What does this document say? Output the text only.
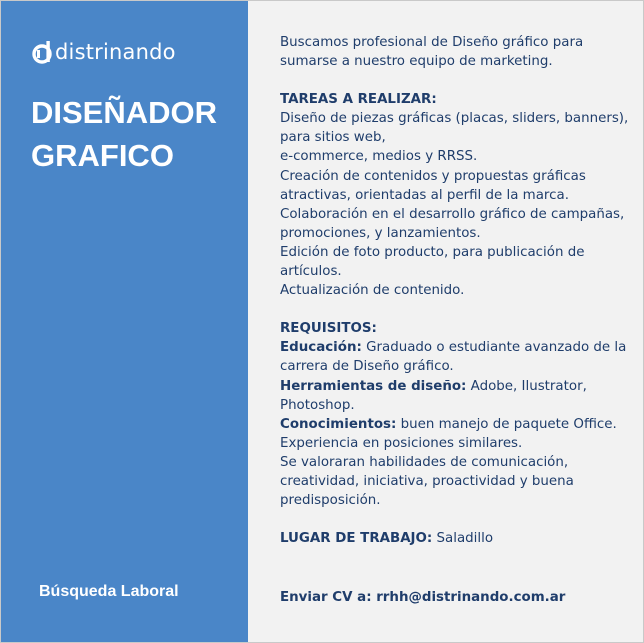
distrinando
DISEÑADOR
GRAFICO
Búsqueda Laboral
Buscamos profesional de Diseño gráfico para
sumarse a nuestro equipo de marketing.
TAREAS A REALIZAR:
Diseño de piezas gráficas (placas, sliders, banners),
para sitios web,
e-commerce, medios y RRSS.
Creación de contenidos y propuestas gráficas
atractivas, orientadas al perfil de la marca.
Colaboración en el desarrollo gráfico de campañas,
promociones, y lanzamientos.
Edición de foto producto, para publicación de
artículos.
Actualización de contenido.
REQUISITOS:
Educación: Graduado o estudiante avanzado de la
carrera de Diseño gráfico.
Herramientas de diseño: Adobe, Ilustrator,
Photoshop.
Conocimientos: buen manejo de paquete Office.
Experiencia en posiciones similares.
Se valoraran habilidades de comunicación,
creatividad, iniciativa, proactividad y buena
predisposición.
LUGAR DE TRABAJO: Saladillo
Enviar CV a: rrhh@distrinando.com.ar
